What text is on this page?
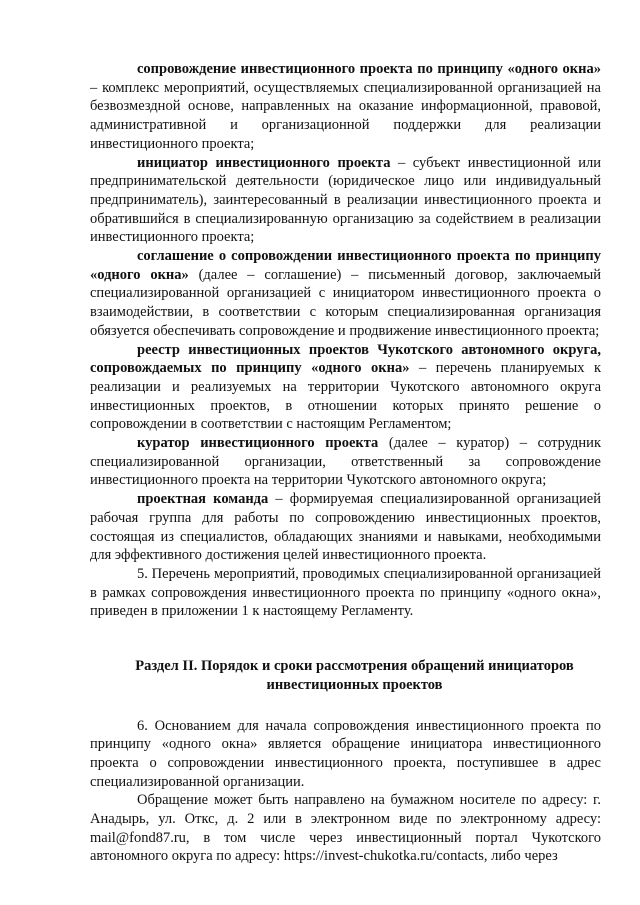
сопровождение инвестиционного проекта по принципу «одного окна» – комплекс мероприятий, осуществляемых специализированной организацией на безвозмездной основе, направленных на оказание информационной, правовой, административной и организационной поддержки для реализации инвестиционного проекта;

инициатор инвестиционного проекта – субъект инвестиционной или предпринимательской деятельности (юридическое лицо или индивидуальный предприниматель), заинтересованный в реализации инвестиционного проекта и обратившийся в специализированную организацию за содействием в реализации инвестиционного проекта;

соглашение о сопровождении инвестиционного проекта по принципу «одного окна» (далее – соглашение) – письменный договор, заключаемый специализированной организацией с инициатором инвестиционного проекта о взаимодействии, в соответствии с которым специализированная организация обязуется обеспечивать сопровождение и продвижение инвестиционного проекта;

реестр инвестиционных проектов Чукотского автономного округа, сопровождаемых по принципу «одного окна» – перечень планируемых к реализации и реализуемых на территории Чукотского автономного округа инвестиционных проектов, в отношении которых принято решение о сопровождении в соответствии с настоящим Регламентом;

куратор инвестиционного проекта (далее – куратор) – сотрудник специализированной организации, ответственный за сопровождение инвестиционного проекта на территории Чукотского автономного округа;

проектная команда – формируемая специализированной организацией рабочая группа для работы по сопровождению инвестиционных проектов, состоящая из специалистов, обладающих знаниями и навыками, необходимыми для эффективного достижения целей инвестиционного проекта.

5. Перечень мероприятий, проводимых специализированной организацией в рамках сопровождения инвестиционного проекта по принципу «одного окна», приведен в приложении 1 к настоящему Регламенту.

Раздел II. Порядок и сроки рассмотрения обращений инициаторов
инвестиционных проектов

6. Основанием для начала сопровождения инвестиционного проекта по принципу «одного окна» является обращение инициатора инвестиционного проекта о сопровождении инвестиционного проекта, поступившее в адрес специализированной организации.

Обращение может быть направлено на бумажном носителе по адресу: г. Анадырь, ул. Откс, д. 2 или в электронном виде по электронному адресу: mail@fond87.ru, в том числе через инвестиционный портал Чукотского автономного округа по адресу: https://invest-chukotka.ru/contacts, либо через
